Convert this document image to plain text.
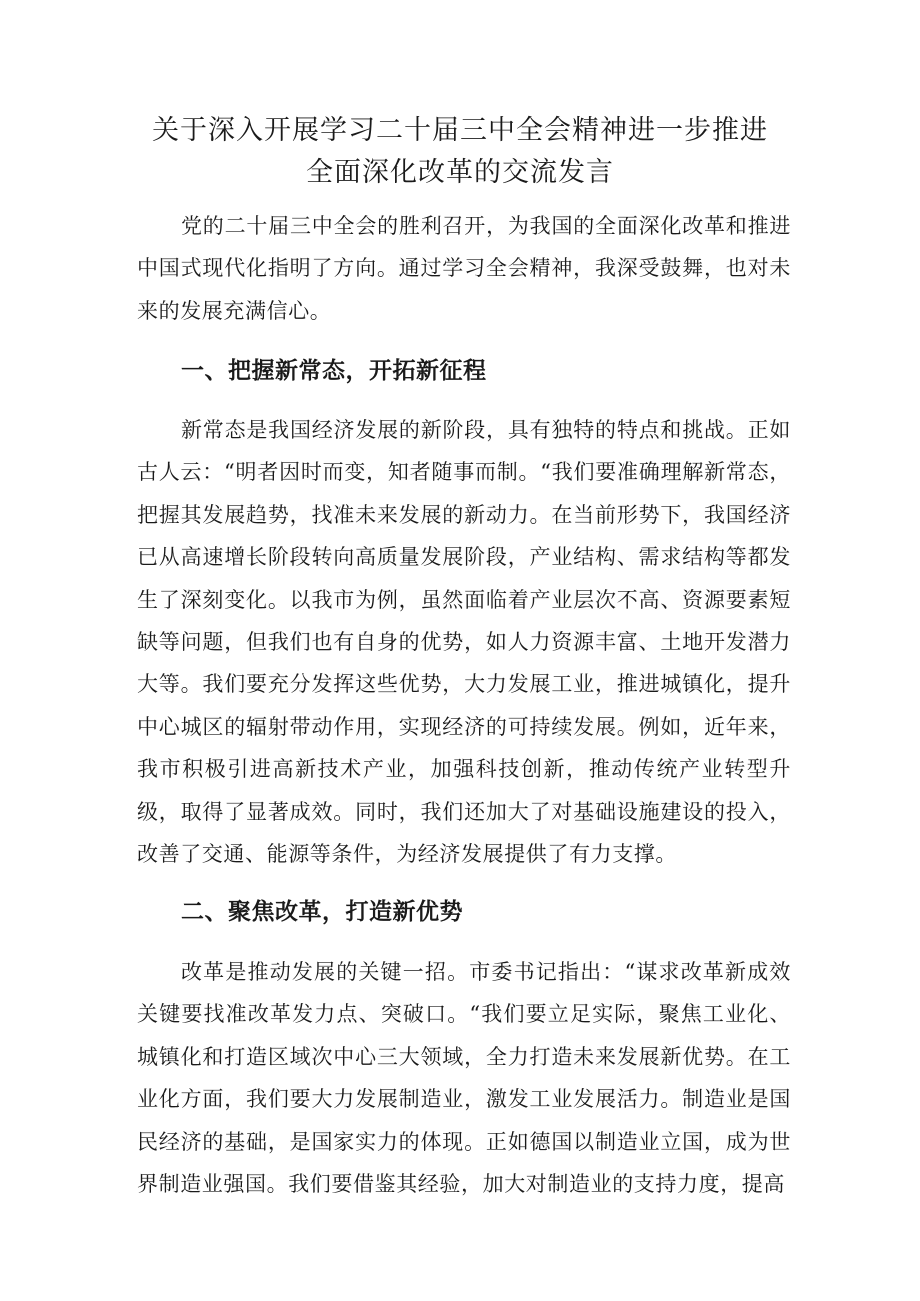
关于深入开展学习二十届三中全会精神进一步推进
全面深化改革的交流发言

党的二十届三中全会的胜利召开，为我国的全面深化改革和推进中国式现代化指明了方向。通过学习全会精神，我深受鼓舞，也对未来的发展充满信心。

一、把握新常态，开拓新征程

新常态是我国经济发展的新阶段，具有独特的特点和挑战。正如古人云：“明者因时而变，知者随事而制。“我们要准确理解新常态，把握其发展趋势，找准未来发展的新动力。在当前形势下，我国经济已从高速增长阶段转向高质量发展阶段，产业结构、需求结构等都发生了深刻变化。以我市为例，虽然面临着产业层次不高、资源要素短缺等问题，但我们也有自身的优势，如人力资源丰富、土地开发潜力大等。我们要充分发挥这些优势，大力发展工业，推进城镇化，提升中心城区的辐射带动作用，实现经济的可持续发展。例如，近年来，我市积极引进高新技术产业，加强科技创新，推动传统产业转型升级，取得了显著成效。同时，我们还加大了对基础设施建设的投入，改善了交通、能源等条件，为经济发展提供了有力支撑。

二、聚焦改革，打造新优势

改革是推动发展的关键一招。市委书记指出：“谋求改革新成效关键要找准改革发力点、突破口。“我们要立足实际，聚焦工业化、城镇化和打造区域次中心三大领域，全力打造未来发展新优势。在工业化方面，我们要大力发展制造业，激发工业发展活力。制造业是国民经济的基础，是国家实力的体现。正如德国以制造业立国，成为世界制造业强国。我们要借鉴其经验，加大对制造业的支持力度，提高
